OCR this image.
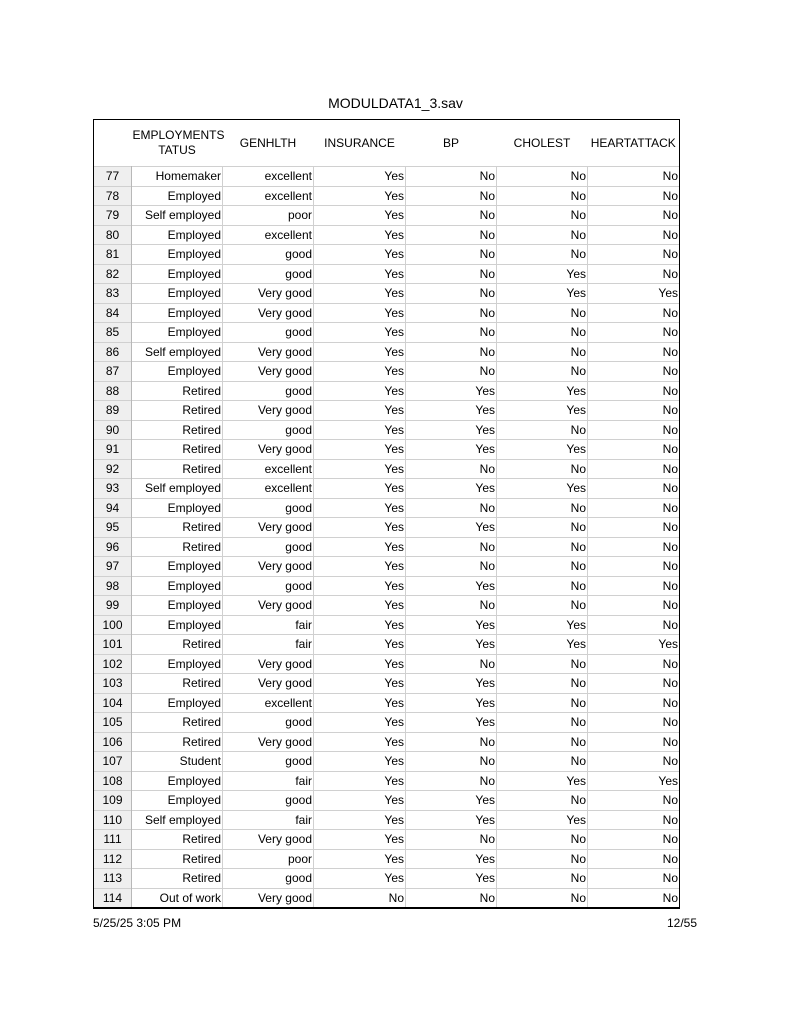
MODULDATA1_3.sav
	EMPLOYMENTS TATUS	GENHLTH	INSURANCE	BP	CHOLEST	HEARTATTACK
77	Homemaker	excellent	Yes	No	No	No
78	Employed	excellent	Yes	No	No	No
79	Self employed	poor	Yes	No	No	No
80	Employed	excellent	Yes	No	No	No
81	Employed	good	Yes	No	No	No
82	Employed	good	Yes	No	Yes	No
83	Employed	Very good	Yes	No	Yes	Yes
84	Employed	Very good	Yes	No	No	No
85	Employed	good	Yes	No	No	No
86	Self employed	Very good	Yes	No	No	No
87	Employed	Very good	Yes	No	No	No
88	Retired	good	Yes	Yes	Yes	No
89	Retired	Very good	Yes	Yes	Yes	No
90	Retired	good	Yes	Yes	No	No
91	Retired	Very good	Yes	Yes	Yes	No
92	Retired	excellent	Yes	No	No	No
93	Self employed	excellent	Yes	Yes	Yes	No
94	Employed	good	Yes	No	No	No
95	Retired	Very good	Yes	Yes	No	No
96	Retired	good	Yes	No	No	No
97	Employed	Very good	Yes	No	No	No
98	Employed	good	Yes	Yes	No	No
99	Employed	Very good	Yes	No	No	No
100	Employed	fair	Yes	Yes	Yes	No
101	Retired	fair	Yes	Yes	Yes	Yes
102	Employed	Very good	Yes	No	No	No
103	Retired	Very good	Yes	Yes	No	No
104	Employed	excellent	Yes	Yes	No	No
105	Retired	good	Yes	Yes	No	No
106	Retired	Very good	Yes	No	No	No
107	Student	good	Yes	No	No	No
108	Employed	fair	Yes	No	Yes	Yes
109	Employed	good	Yes	Yes	No	No
110	Self employed	fair	Yes	Yes	Yes	No
111	Retired	Very good	Yes	No	No	No
112	Retired	poor	Yes	Yes	No	No
113	Retired	good	Yes	Yes	No	No
114	Out of work	Very good	No	No	No	No
5/25/25 3:05 PM	12/55
